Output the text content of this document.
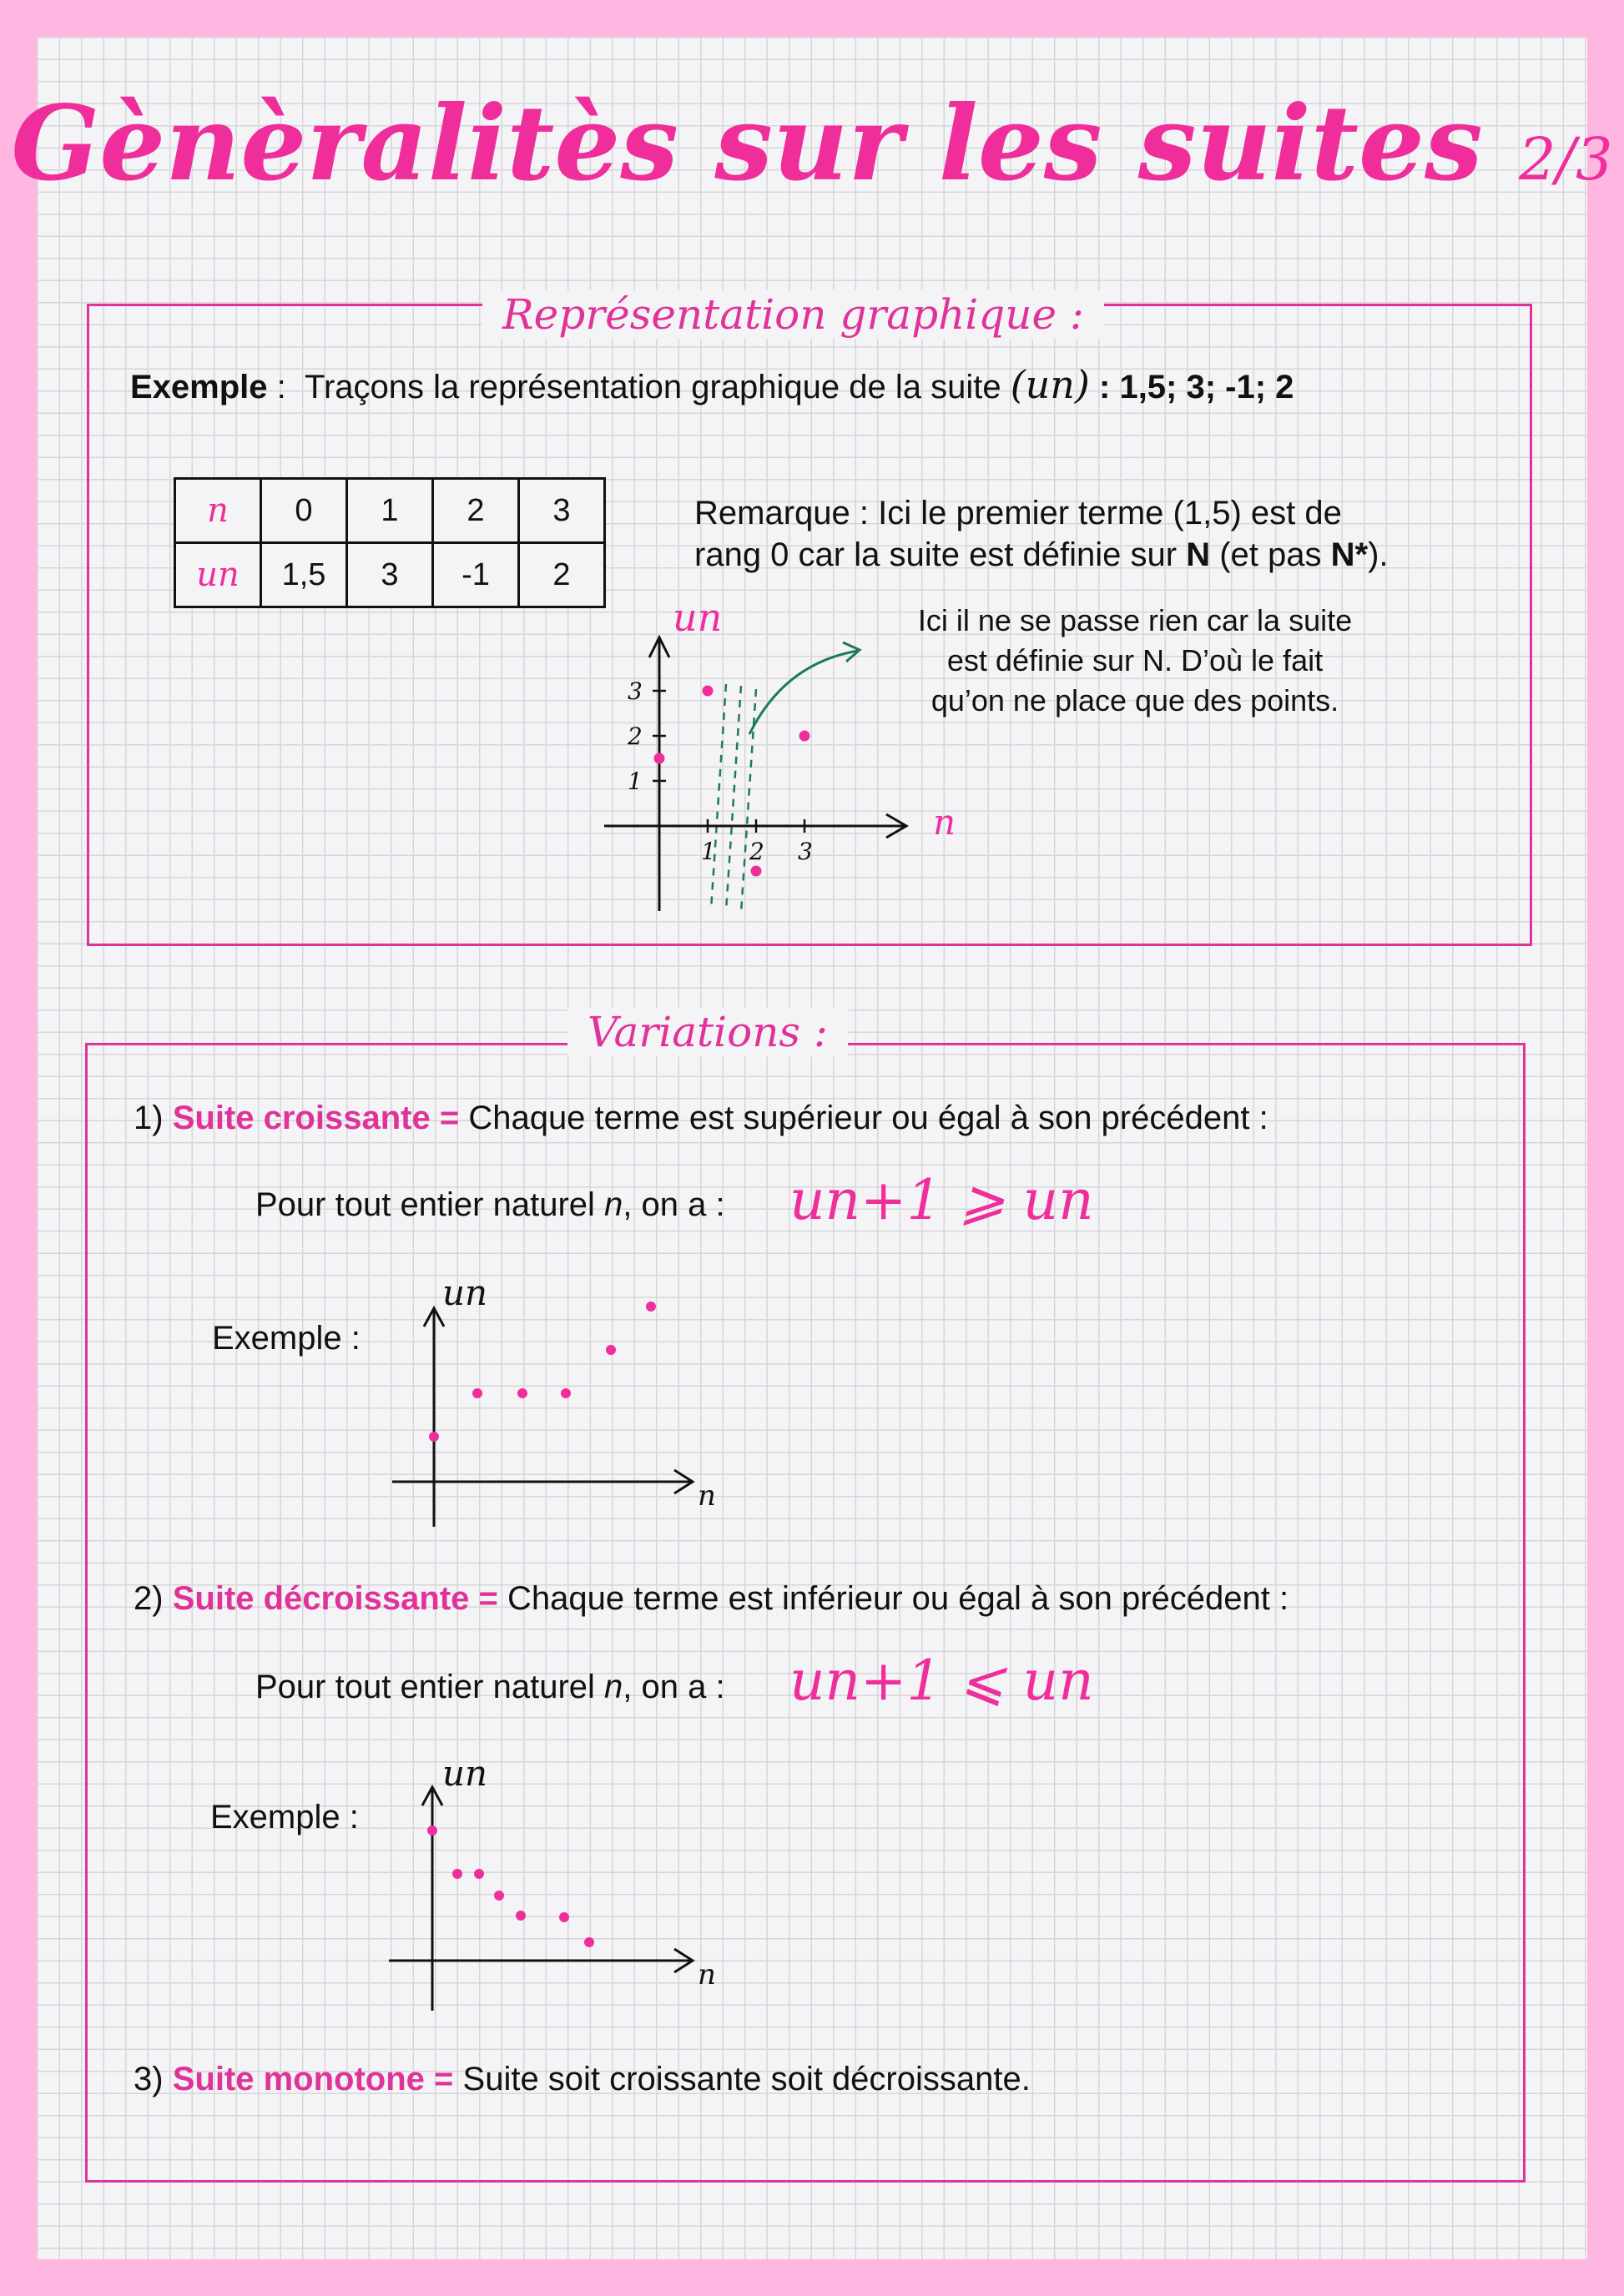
Gènèralitès sur les suites 2/3
Représentation graphique :
Exemple : Traçons la représentation graphique de la suite (un) : 1,5; 3; -1; 2
n	0	1	2	3
un	1,5	3	-1	2
Remarque : Ici le premier terme (1,5) est de
rang 0 car la suite est définie sur N (et pas N*).
Ici il ne se passe rien car la suite
est définie sur N. D’où le fait
qu’on ne place que des points.
1 2 3
1
2
3
un
n
Variations :
1) Suite croissante = Chaque terme est supérieur ou égal à son précédent :
Pour tout entier naturel n, on a : un+1 ⩾ un
Exemple :
un
n
2) Suite décroissante = Chaque terme est inférieur ou égal à son précédent :
Pour tout entier naturel n, on a : un+1 ⩽ un
Exemple :
un
n
3) Suite monotone = Suite soit croissante soit décroissante.
